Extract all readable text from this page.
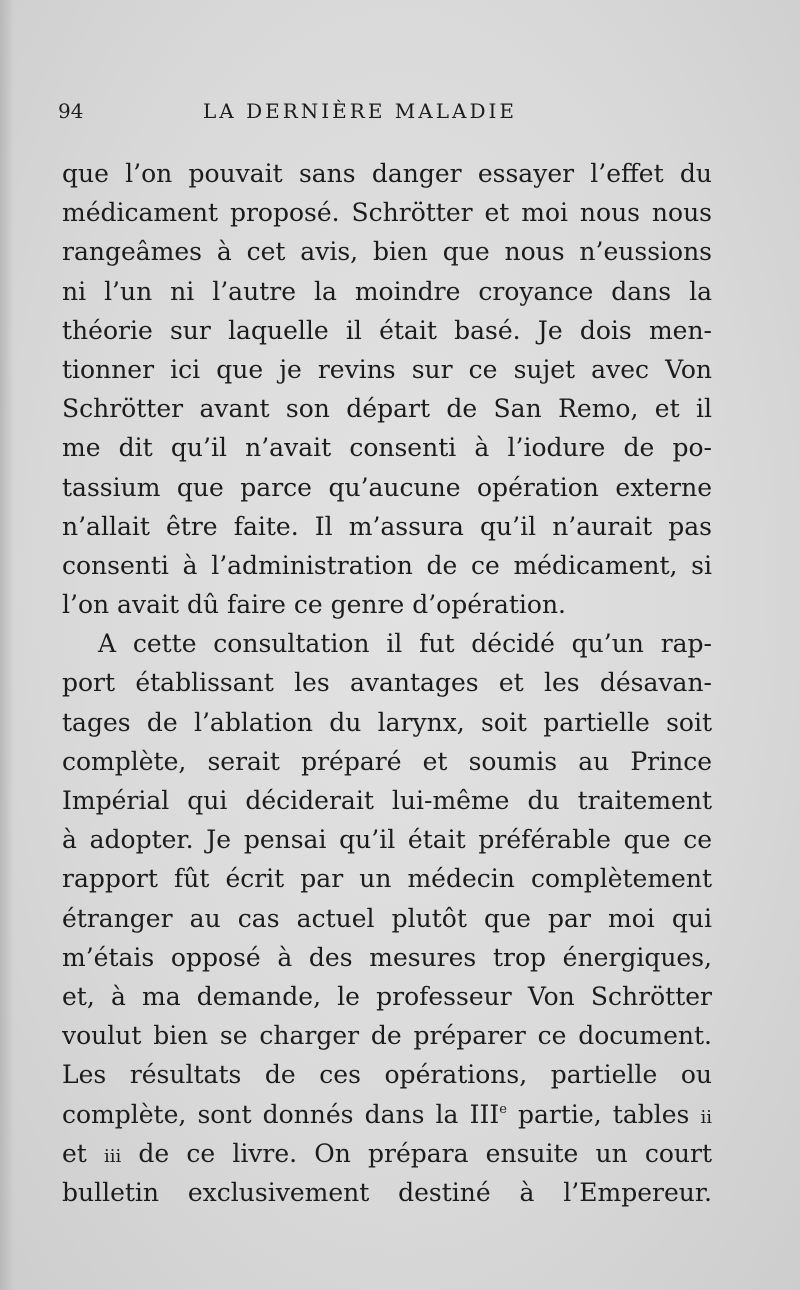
94	LA DERNIÈRE MALADIE
que l’on pouvait sans danger essayer l’effet du
médicament proposé. Schrötter et moi nous nous
rangeâmes à cet avis, bien que nous n’eussions
ni l’un ni l’autre la moindre croyance dans la
théorie sur laquelle il était basé. Je dois men-
tionner ici que je revins sur ce sujet avec Von
Schrötter avant son départ de San Remo, et il
me dit qu’il n’avait consenti à l’iodure de po-
tassium que parce qu’aucune opération externe
n’allait être faite. Il m’assura qu’il n’aurait pas
consenti à l’administration de ce médicament, si
l’on avait dû faire ce genre d’opération.
A cette consultation il fut décidé qu’un rap-
port établissant les avantages et les désavan-
tages de l’ablation du larynx, soit partielle soit
complète, serait préparé et soumis au Prince
Impérial qui déciderait lui-même du traitement
à adopter. Je pensai qu’il était préférable que ce
rapport fût écrit par un médecin complètement
étranger au cas actuel plutôt que par moi qui
m’étais opposé à des mesures trop énergiques,
et, à ma demande, le professeur Von Schrötter
voulut bien se charger de préparer ce document.
Les résultats de ces opérations, partielle ou
complète, sont donnés dans la IIIe partie, tables ii
et iii de ce livre. On prépara ensuite un court
bulletin exclusivement destiné à l’Empereur.
